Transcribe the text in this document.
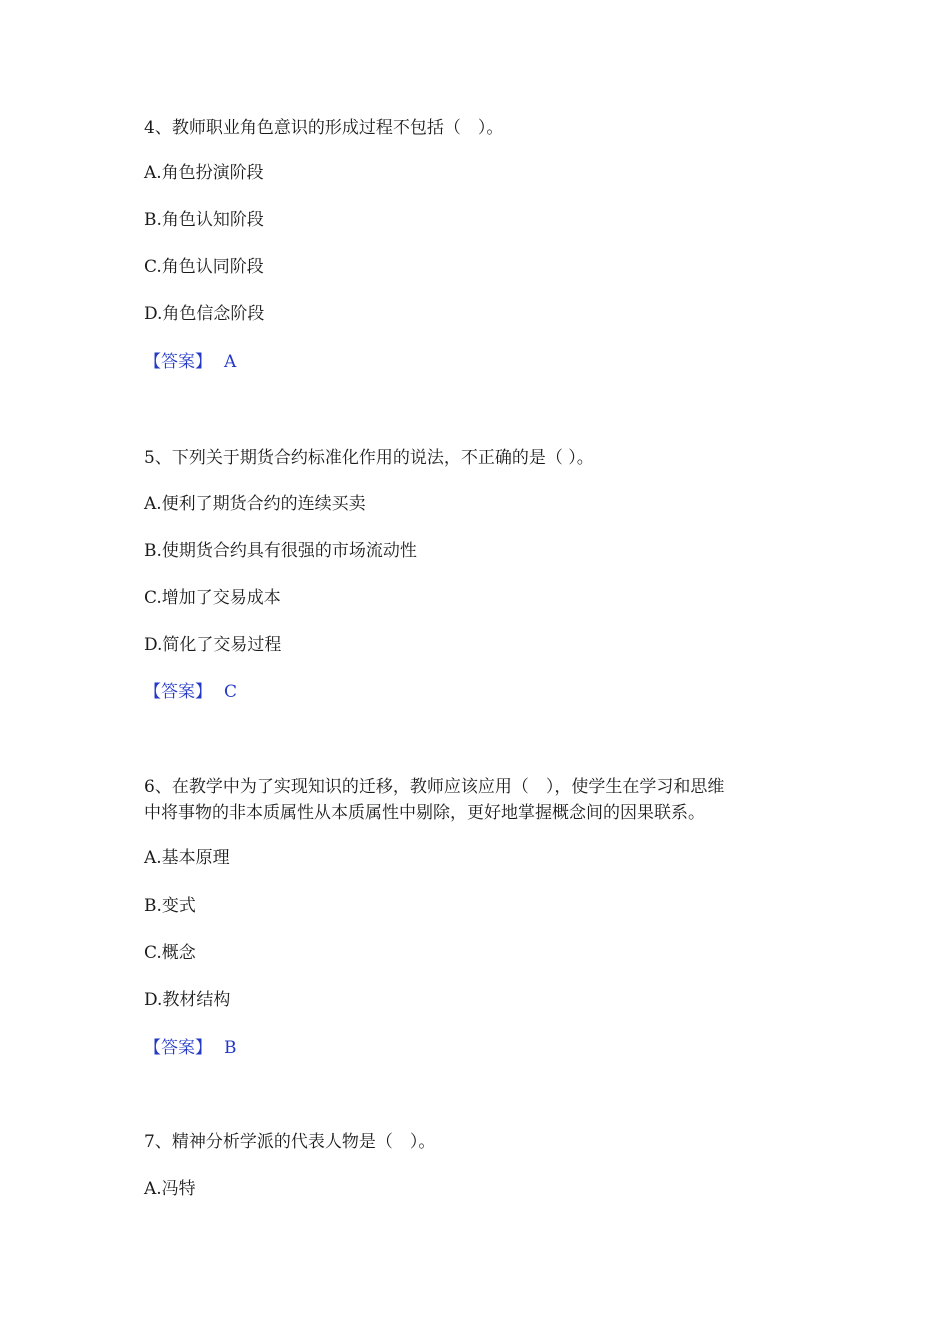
4、教师职业角色意识的形成过程不包括（　）。
A.角色扮演阶段
B.角色认知阶段
C.角色认同阶段
D.角色信念阶段
【答案】 A
5、下列关于期货合约标准化作用的说法，不正确的是（ ）。
A.便利了期货合约的连续买卖
B.使期货合约具有很强的市场流动性
C.增加了交易成本
D.简化了交易过程
【答案】 C
6、在教学中为了实现知识的迁移，教师应该应用（　），使学生在学习和思维
中将事物的非本质属性从本质属性中剔除，更好地掌握概念间的因果联系。
A.基本原理
B.变式
C.概念
D.教材结构
【答案】 B
7、精神分析学派的代表人物是（　）。
A.冯特
